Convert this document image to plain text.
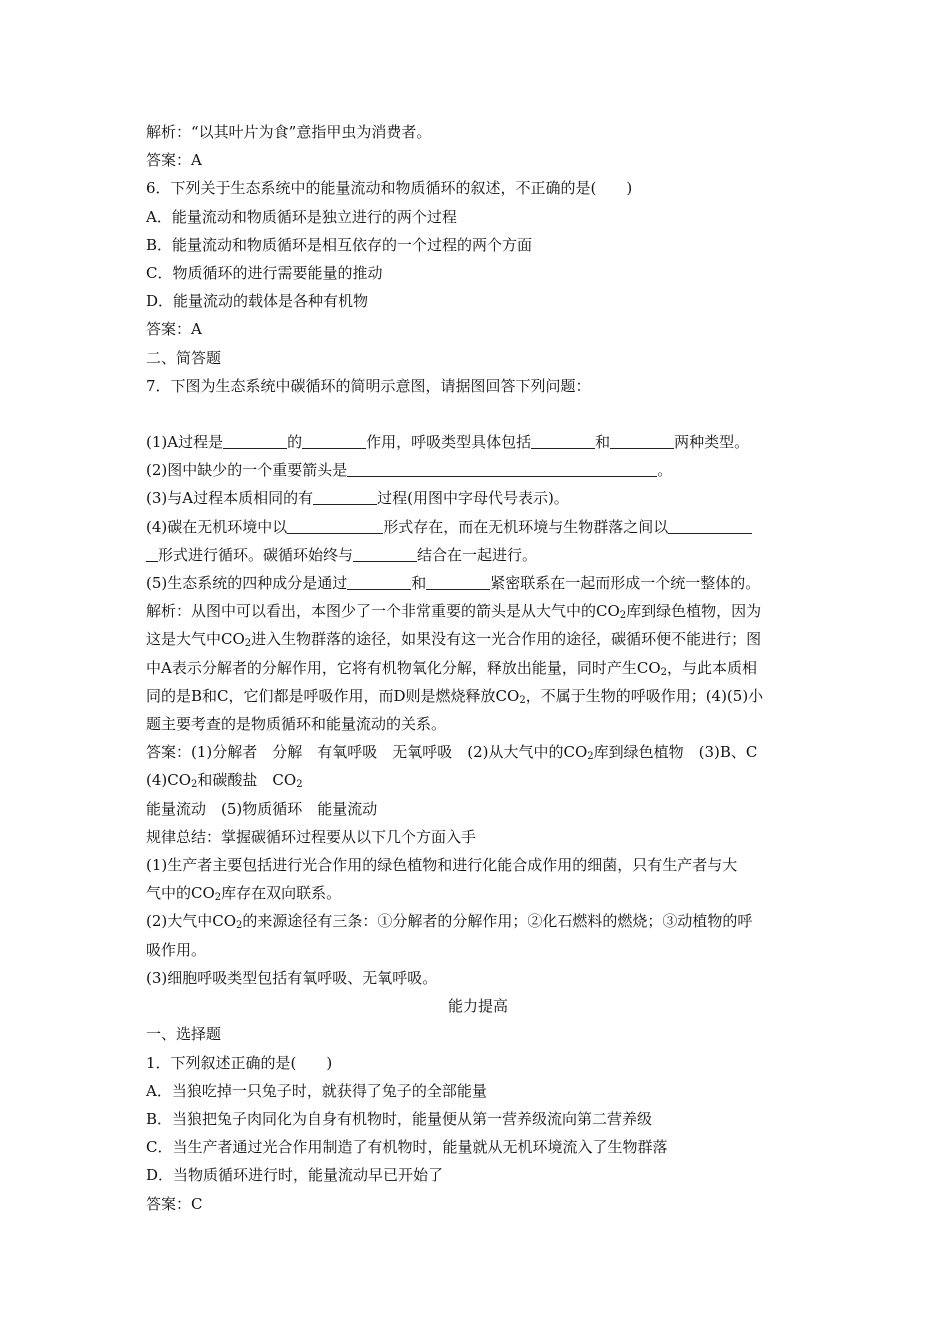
解析：“以其叶片为食”意指甲虫为消费者。
答案：A
6．下列关于生态系统中的能量流动和物质循环的叙述，不正确的是(　　)
A．能量流动和物质循环是独立进行的两个过程
B．能量流动和物质循环是相互依存的一个过程的两个方面
C．物质循环的进行需要能量的推动
D．能量流动的载体是各种有机物
答案：A
二、简答题
7．下图为生态系统中碳循环的简明示意图，请据图回答下列问题：
(1)A过程是	的	作用，呼吸类型具体包括	和	两种类型。
(2)图中缺少的一个重要箭头是	。
(3)与A过程本质相同的有	过程(用图中字母代号表示)。
(4)碳在无机环境中以	形式存在，而在无机环境与生物群落之间以
形式进行循环。碳循环始终与	结合在一起进行。
(5)生态系统的四种成分是通过	和	紧密联系在一起而形成一个统一整体的。
解析：从图中可以看出，本图少了一个非常重要的箭头是从大气中的$CO_2$库到绿色植物，因为
这是大气中$CO_2$进入生物群落的途径，如果没有这一光合作用的途径，碳循环便不能进行；图
中A表示分解者的分解作用，它将有机物氧化分解，释放出能量，同时产生$CO_2$，与此本质相
同的是B和C，它们都是呼吸作用，而D则是燃烧释放$CO_2$，不属于生物的呼吸作用；(4)(5)小
题主要考查的是物质循环和能量流动的关系。
答案：(1)分解者　分解　有氧呼吸　无氧呼吸　(2)从大气中的$CO_2$库到绿色植物　(3)B、C
$(4)CO_2$和碳酸盐　$CO_2$
能量流动　(5)物质循环　能量流动
规律总结：掌握碳循环过程要从以下几个方面入手
(1)生产者主要包括进行光合作用的绿色植物和进行化能合成作用的细菌，只有生产者与大
气中的$CO_2$库存在双向联系。
(2)大气中$CO_2$的来源途径有三条：①分解者的分解作用；②化石燃料的燃烧；③动植物的呼
吸作用。
(3)细胞呼吸类型包括有氧呼吸、无氧呼吸。
能力提高
一、选择题
1．下列叙述正确的是(　　)
A．当狼吃掉一只兔子时，就获得了兔子的全部能量
B．当狼把兔子肉同化为自身有机物时，能量便从第一营养级流向第二营养级
C．当生产者通过光合作用制造了有机物时，能量就从无机环境流入了生物群落
D．当物质循环进行时，能量流动早已开始了
答案：C
